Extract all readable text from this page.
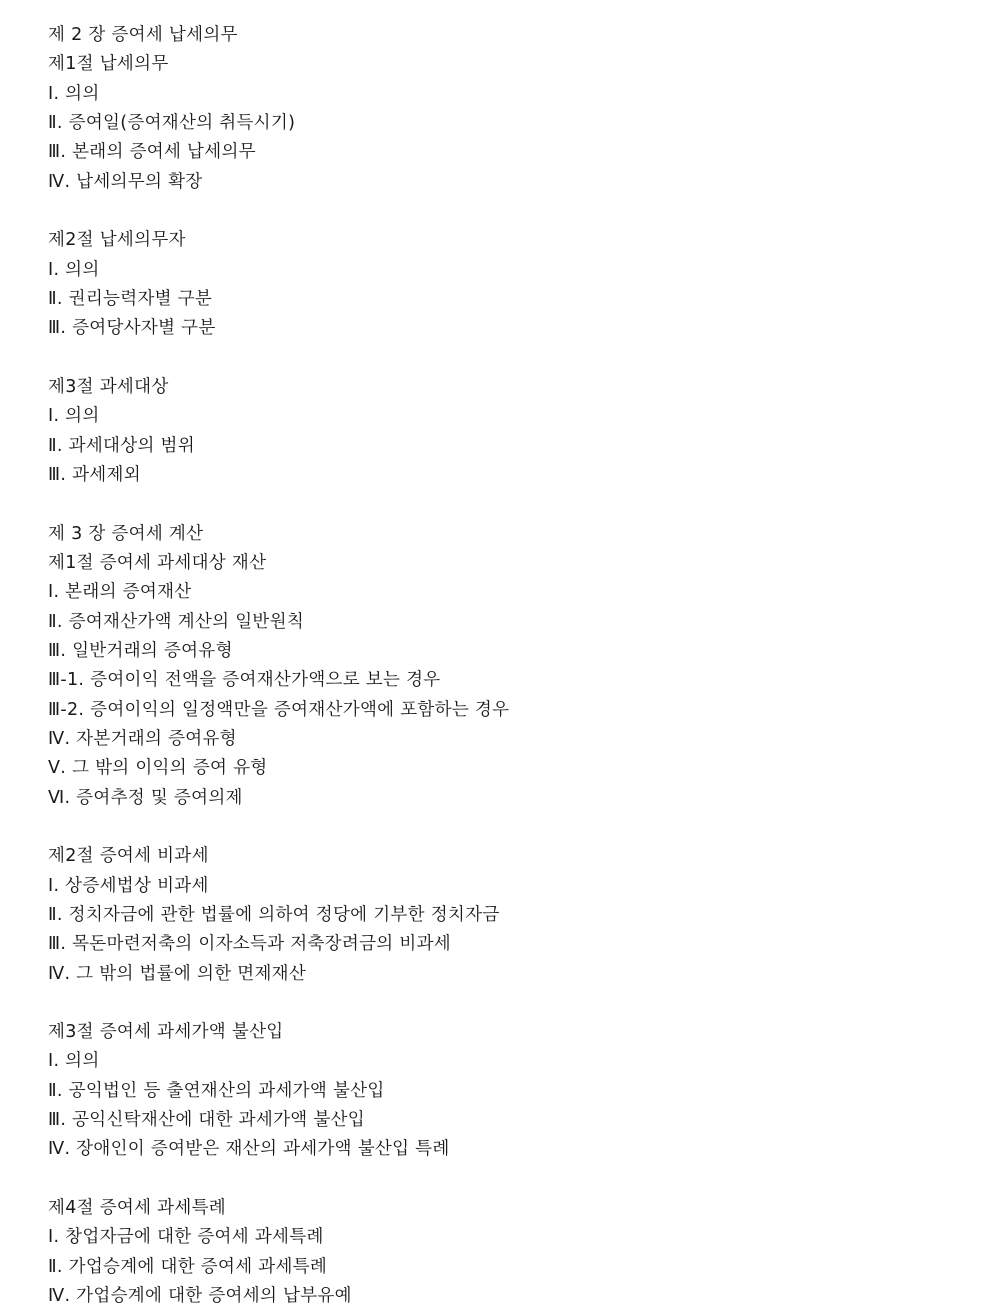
제 2 장 증여세 납세의무
제1절 납세의무
Ⅰ. 의의
Ⅱ. 증여일(증여재산의 취득시기)
Ⅲ. 본래의 증여세 납세의무
Ⅳ. 납세의무의 확장
제2절 납세의무자
Ⅰ. 의의
Ⅱ. 권리능력자별 구분
Ⅲ. 증여당사자별 구분
제3절 과세대상
Ⅰ. 의의
Ⅱ. 과세대상의 범위
Ⅲ. 과세제외
제 3 장 증여세 계산
제1절 증여세 과세대상 재산
Ⅰ. 본래의 증여재산
Ⅱ. 증여재산가액 계산의 일반원칙
Ⅲ. 일반거래의 증여유형
Ⅲ-1. 증여이익 전액을 증여재산가액으로 보는 경우
Ⅲ-2. 증여이익의 일정액만을 증여재산가액에 포함하는 경우
Ⅳ. 자본거래의 증여유형
Ⅴ. 그 밖의 이익의 증여 유형
Ⅵ. 증여추정 및 증여의제
제2절 증여세 비과세
Ⅰ. 상증세법상 비과세
Ⅱ. 정치자금에 관한 법률에 의하여 정당에 기부한 정치자금
Ⅲ. 목돈마련저축의 이자소득과 저축장려금의 비과세
Ⅳ. 그 밖의 법률에 의한 면제재산
제3절 증여세 과세가액 불산입
Ⅰ. 의의
Ⅱ. 공익법인 등 출연재산의 과세가액 불산입
Ⅲ. 공익신탁재산에 대한 과세가액 불산입
Ⅳ. 장애인이 증여받은 재산의 과세가액 불산입 특례
제4절 증여세 과세특례
Ⅰ. 창업자금에 대한 증여세 과세특례
Ⅱ. 가업승계에 대한 증여세 과세특례
Ⅳ. 가업승계에 대한 증여세의 납부유예
